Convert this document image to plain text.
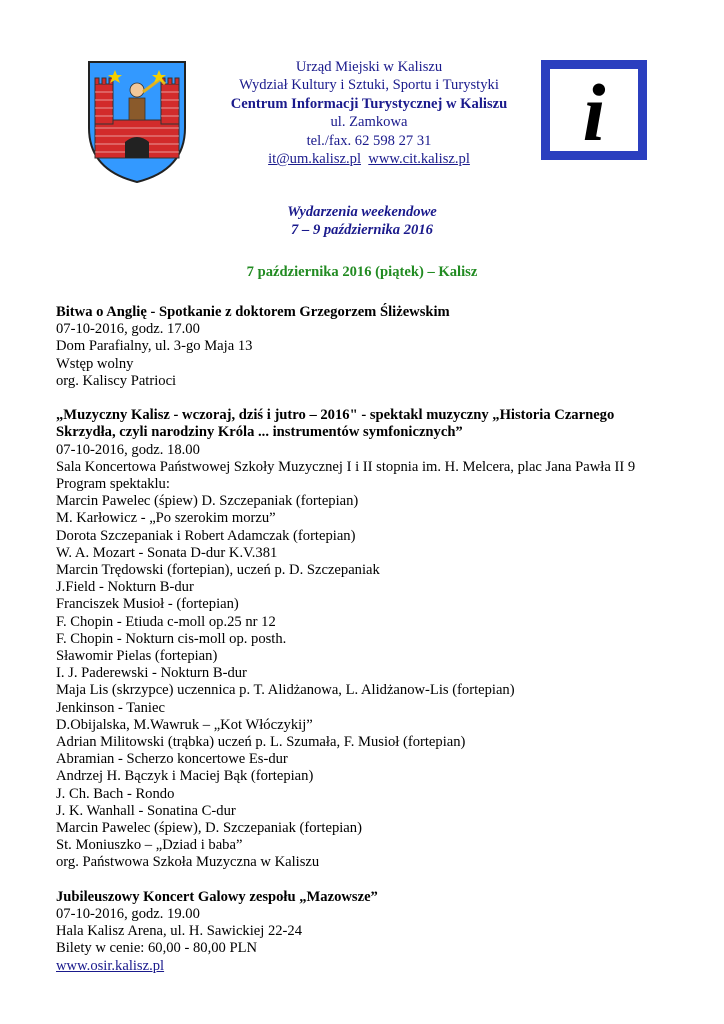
Urząd Miejski w Kaliszu
Wydział Kultury i Sztuki, Sportu i Turystyki
Centrum Informacji Turystycznej w Kaliszu
ul. Zamkowa
tel./fax. 62 598 27 31
it@um.kalisz.pl www.cit.kalisz.pl
i
Wydarzenia weekendowe
7 – 9 października 2016
7 października 2016 (piątek) – Kalisz
Bitwa o Anglię - Spotkanie z doktorem Grzegorzem Śliżewskim
07-10-2016, godz. 17.00
Dom Parafialny, ul. 3-go Maja 13
Wstęp wolny
org. Kaliscy Patrioci
„Muzyczny Kalisz - wczoraj, dziś i jutro – 2016" - spektakl muzyczny „Historia Czarnego
Skrzydła, czyli narodziny Króla ... instrumentów symfonicznych”
07-10-2016, godz. 18.00
Sala Koncertowa Państwowej Szkoły Muzycznej I i II stopnia im. H. Melcera, plac Jana Pawła II 9
Program spektaklu:
Marcin Pawelec (śpiew) D. Szczepaniak (fortepian)
M. Karłowicz - „Po szerokim morzu”
Dorota Szczepaniak i Robert Adamczak (fortepian)
W. A. Mozart - Sonata D-dur K.V.381
Marcin Trędowski (fortepian), uczeń p. D. Szczepaniak
J.Field - Nokturn B-dur
Franciszek Musioł - (fortepian)
F. Chopin - Etiuda c-moll op.25 nr 12
F. Chopin - Nokturn cis-moll op. posth.
Sławomir Pielas (fortepian)
I. J. Paderewski - Nokturn B-dur
Maja Lis (skrzypce) uczennica p. T. Alidżanowa, L. Alidżanow-Lis (fortepian)
Jenkinson - Taniec
D.Obijalska, M.Wawruk – „Kot Włóczykij”
Adrian Militowski (trąbka) uczeń p. L. Szumała, F. Musioł (fortepian)
Abramian - Scherzo koncertowe Es-dur
Andrzej H. Bączyk i Maciej Bąk (fortepian)
J. Ch. Bach - Rondo
J. K. Wanhall - Sonatina C-dur
Marcin Pawelec (śpiew), D. Szczepaniak (fortepian)
St. Moniuszko – „Dziad i baba”
org. Państwowa Szkoła Muzyczna w Kaliszu
Jubileuszowy Koncert Galowy zespołu „Mazowsze”
07-10-2016, godz. 19.00
Hala Kalisz Arena, ul. H. Sawickiej 22-24
Bilety w cenie: 60,00 - 80,00 PLN
www.osir.kalisz.pl
